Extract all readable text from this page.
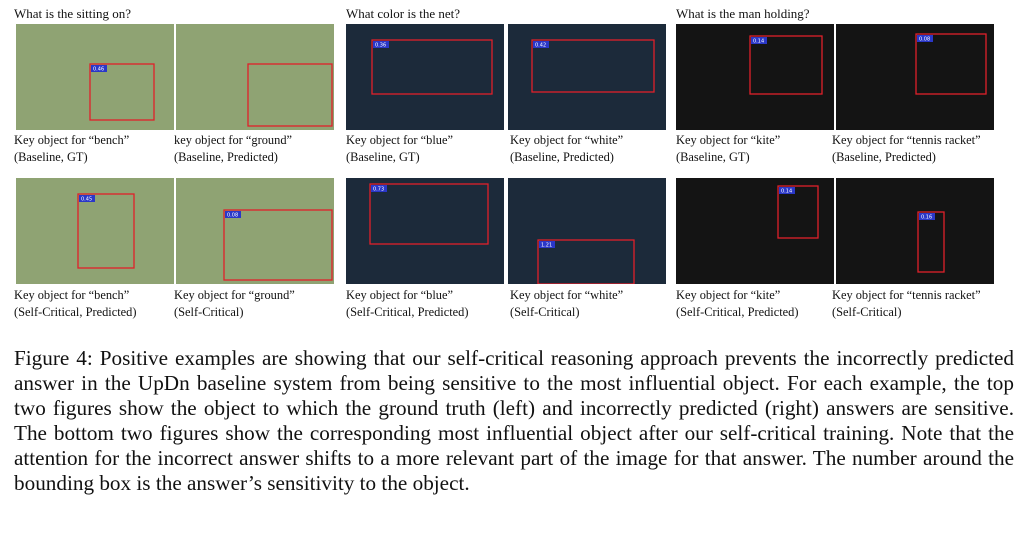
What is the sitting on?	What color is the net?	What is the man holding?
0.46
Key object for “bench”
(Baseline, GT)
key object for “ground”
(Baseline, Predicted)
0.36
Key object for “blue”
(Baseline, GT)
0.42
Key object for “white”
(Baseline, Predicted)
0.14
Key object for “kite”
(Baseline, GT)
0.08
Key object for “tennis racket”
(Baseline, Predicted)
0.45
Key object for “bench”
(Self-Critical, Predicted)
0.08
Key object for “ground”
(Self-Critical)
0.73
Key object for “blue”
(Self-Critical, Predicted)
1.21
Key object for “white”
(Self-Critical)
0.14
Key object for “kite”
(Self-Critical, Predicted)
0.16
Key object for “tennis racket”
(Self-Critical)
Figure 4: Positive examples are showing that our self-critical reasoning approach prevents the incorrectly predicted answer in the UpDn baseline system from being sensitive to the most influential object. For each example, the top two figures show the object to which the ground truth (left) and incorrectly predicted (right) answers are sensitive. The bottom two figures show the corresponding most influential object after our self-critical training. Note that the attention for the incorrect answer shifts to a more relevant part of the image for that answer. The number around the bounding box is the answer’s sensitivity to the object.
